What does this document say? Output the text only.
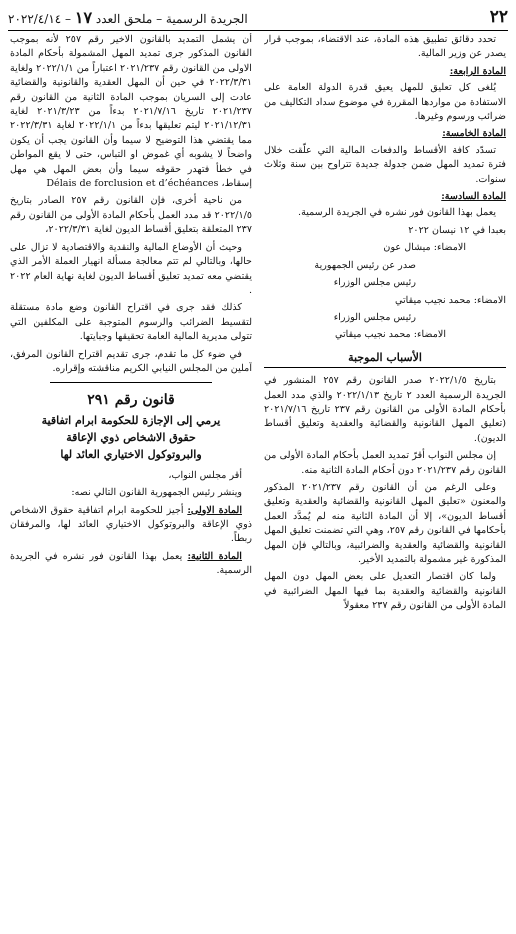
٢٢
الجريدة الرسمية – ملحق العدد ١٧ – ٢٠٢٢/٤/١٤

تحدد دقائق تطبيق هذه المادة، عند الاقتضاء، بموجب قرار يصدر عن وزير المالية.

المادة الرابعة:

يُلغى كل تعليق للمهل يعيق قدرة الدولة العامة على الاستفادة من مواردها المقررة في موضوع سداد التكاليف من ضرائب ورسوم وغيرها.

المادة الخامسة:

تسدّد كافة الأقساط والدفعات المالية التي علّقت خلال فترة تمديد المهل ضمن جدولة جديدة تتراوح بين سنة وثلاث سنوات.

المادة السادسة:

يعمل بهذا القانون فور نشره في الجريدة الرسمية.

بعبدا في ١٢ نيسان ٢٠٢٢

الامضاء: ميشال عون

صدر عن رئيس الجمهورية

رئيس مجلس الوزراء

الامضاء: محمد نجيب ميقاتي

رئيس مجلس الوزراء

الامضاء: محمد نجيب ميقاتي

الأسباب الموجبة

بتاريخ ٢٠٢٢/١/٥ صدر القانون رقم ٢٥٧ المنشور في الجريدة الرسمية العدد ٢ تاريخ ٢٠٢٢/١/١٣ والذي مدد العمل بأحكام المادة الأولى من القانون رقم ٢٣٧ تاريخ ٢٠٢١/٧/١٦ (تعليق المهل القانونية والقضائية والعقدية وتعليق أقساط الديون).

إن مجلس النواب أقرّ تمديد العمل بأحكام المادة الأولى من القانون رقم ٢٠٢١/٢٣٧ دون أحكام المادة الثانية منه.

وعلى الرغم من أن القانون رقم ٢٠٢١/٢٣٧ المذكور والمعنون «تعليق المهل القانونية والقضائية والعقدية وتعليق أقساط الديون»، إلا أن المادة الثانية منه لم يُمدَّد العمل بأحكامها في القانون رقم ٢٥٧، وهي التي تضمنت تعليق المهل القانونية والقضائية والعقدية والضرائبية، وبالتالي فإن المهل المذكورة غير مشمولة بالتمديد الأخير.

ولما كان اقتصار التعديل على بعض المهل دون المهل القانونية والقضائية والعقدية بما فيها المهل الضرائبية في المادة الأولى من القانون رقم ٢٣٧ معقولاً

أن يشمل التمديد بالقانون الاخير رقم ٢٥٧ لأنه بموجب القانون المذكور جرى تمديد المهل المشمولة بأحكام المادة الاولى من القانون رقم ٢٠٢١/٢٣٧ اعتباراً من ٢٠٢٢/١/١ ولغاية ٢٠٢٢/٣/٣١ في حين أن المهل العقدية والقانونية والقضائية عادت إلى السريان بموجب المادة الثانية من القانون رقم ٢٠٢١/٢٣٧ تاريخ ٢٠٢١/٧/١٦ بدءاً من ٢٠٢١/٣/٢٣ لغاية ٢٠٢١/١٢/٣١ ليتم تعليقها بدءاً من ٢٠٢٢/١/١ لغاية ٢٠٢٢/٣/٣١ مما يقتضي هذا التوضيح لا سيما وأن القانون يجب أن يكون واضحاً لا يشوبه أي غموض او التباس، حتى لا يقع المواطن في خطأ فتهدر حقوقه سيما وأن بعض المهل هي مهل إسقاط، Délais de forclusion et d’échéances

من ناحية أخرى، فإن القانون رقم ٢٥٧ الصادر بتاريخ ٢٠٢٢/١/٥ قد مدد العمل بأحكام المادة الأولى من القانون رقم ٢٣٧ المتعلقة بتعليق أقساط الديون لغاية ٢٠٢٢/٣/٣١،

وحيث أن الأوضاع المالية والنقدية والاقتصادية لا تزال على حالها، وبالتالي لم تتم معالجة مسألة انهيار العملة الأمر الذي يقتضي معه تمديد تعليق أقساط الديون لغاية نهاية العام ٢٠٢٢ .

كذلك فقد جرى في اقتراح القانون وضع مادة مستقلة لتقسيط الضرائب والرسوم المتوجبة على المكلفين التي تتولى مديرية المالية العامة تحقيقها وجبايتها.

في ضوء كل ما تقدم، جرى تقديم اقتراح القانون المرفق، آملين من المجلس النيابي الكريم مناقشته وإقراره.

قانون رقم ٢٩١
يرمي إلى الإجازة للحكومة ابرام اتفاقية
حقوق الاشخاص ذوي الإعاقة
والبروتوكول الاختياري العائد لها

أقر مجلس النواب،

وينشر رئيس الجمهورية القانون التالي نصه:

المادة الاولى: أجيز للحكومة ابرام اتفاقية حقوق الاشخاص ذوي الإعاقة والبروتوكول الاختياري العائد لها، والمرفقان ربطاً.

المادة الثانية: يعمل بهذا القانون فور نشره في الجريدة الرسمية.
